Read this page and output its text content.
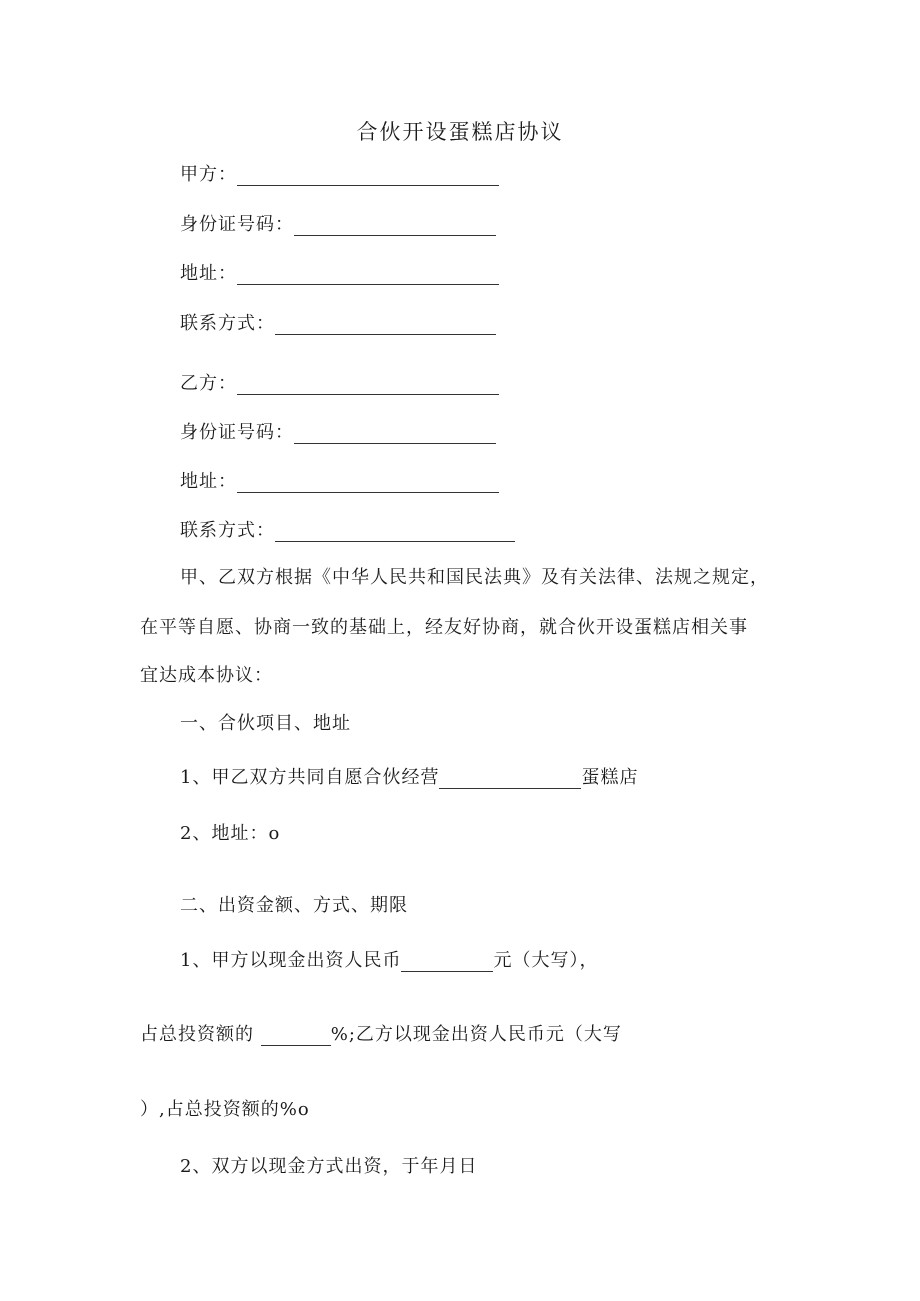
合伙开设蛋糕店协议
甲方：
身份证号码：
地址：
联系方式：
乙方：
身份证号码：
地址：
联系方式：
甲、乙双方根据《中华人民共和国民法典》及有关法律、法规之规定，
在平等自愿、协商一致的基础上，经友好协商，就合伙开设蛋糕店相关事
宜达成本协议：
一、合伙项目、地址
1、甲乙双方共同自愿合伙经营	蛋糕店
2、地址：o
二、出资金额、方式、期限
1、甲方以现金出资人民币	元（大写），
占总投资额的	%;乙方以现金出资人民币元（大写
）,占总投资额的%o
2、双方以现金方式出资，于年月日
